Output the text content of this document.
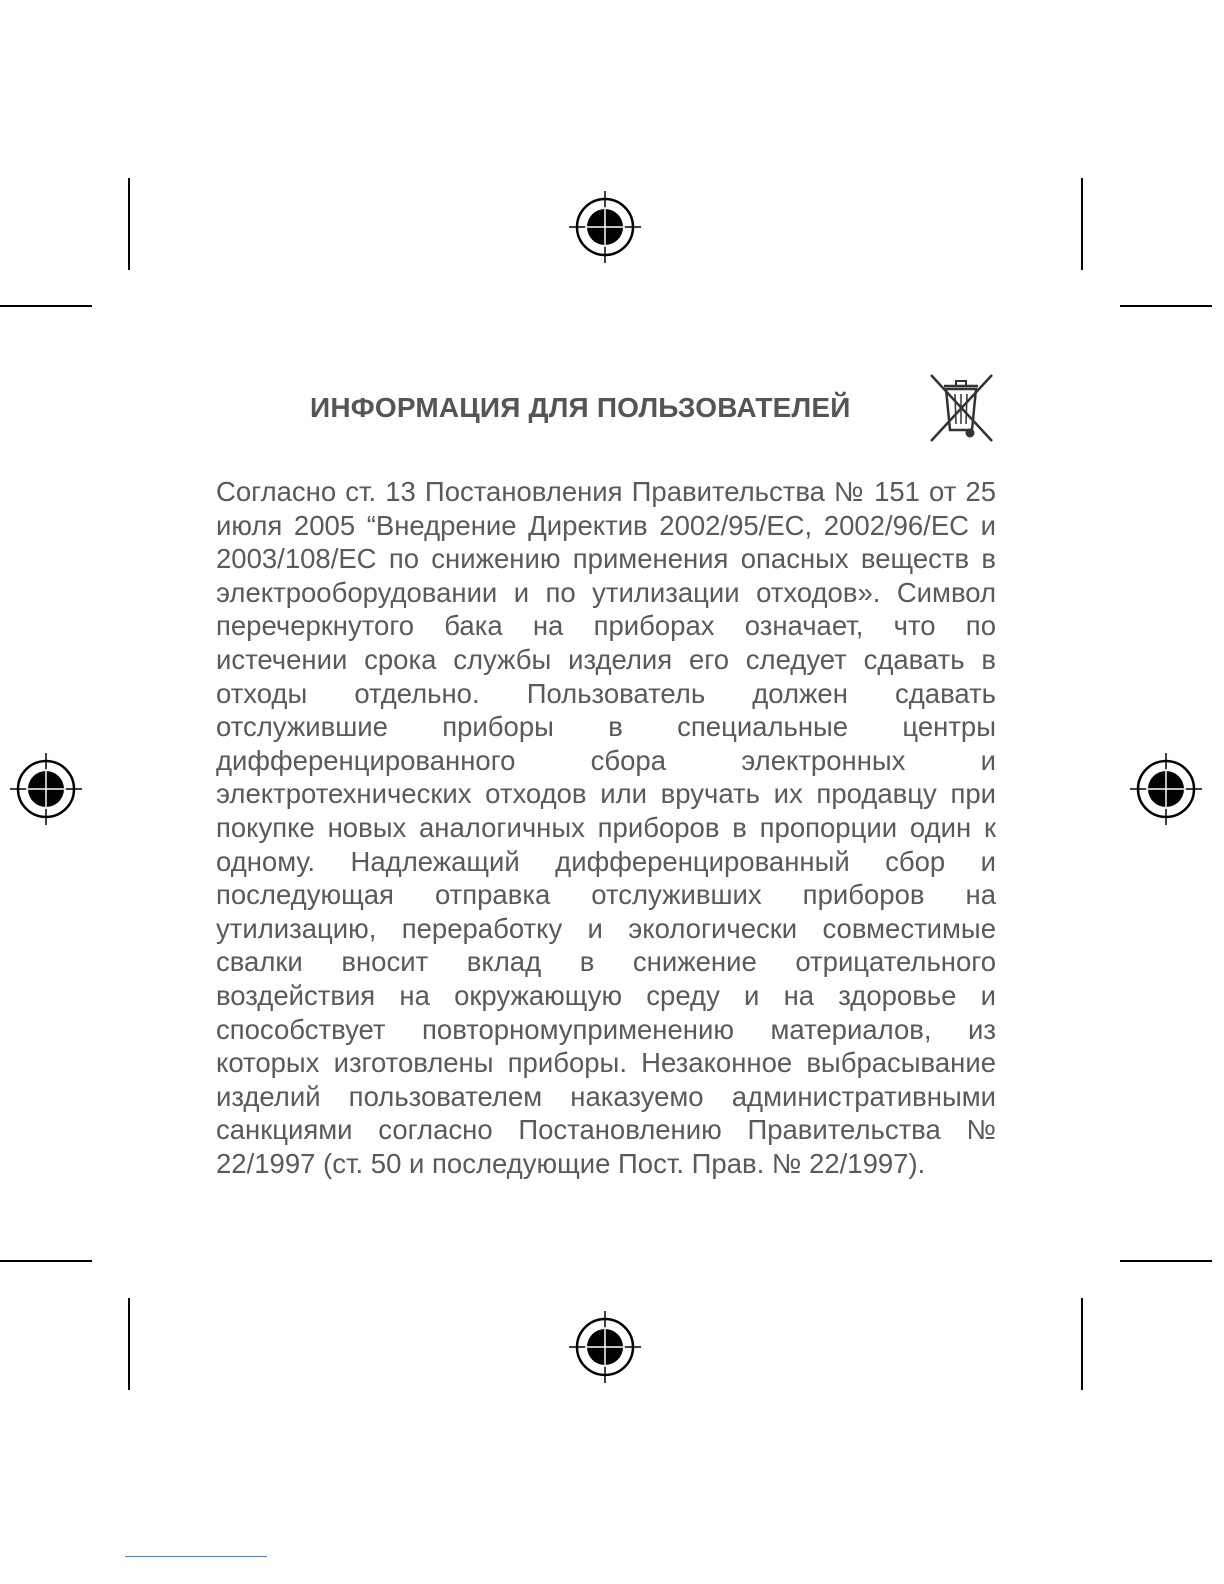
ИНФОРМАЦИЯ ДЛЯ ПОЛЬЗОВАТЕЛЕЙ

Согласно ст. 13 Постановления Правительства № 151 от 25 июля 2005 “Внедрение Директив 2002/95/EC, 2002/96/EC и 2003/108/EC по снижению применения опасных веществ в электрооборудовании и по утилизации отходов». Символ перечеркнутого бака на приборах означает, что по истечении срока службы изделия его следует сдавать в отходы отдельно. Пользователь должен сдавать отслужившие приборы в специальные центры дифференцированного сбора электронных и электротехнических отходов или вручать их продавцу при покупке новых аналогичных приборов в пропорции один к одному. Надлежащий дифференцированный сбор и последующая отправка отслуживших приборов на утилизацию, переработку и экологически совместимые свалки вносит вклад в снижение отрицательного воздействия на окружающую среду и на здоровье и способствует повторномуприменению материалов, из которых изготовлены приборы. Незаконное выбрасывание изделий пользователем наказуемо административными санкциями согласно Постановлению Правительства № 22/1997 (ст. 50 и последующие Пост. Прав. № 22/1997).
